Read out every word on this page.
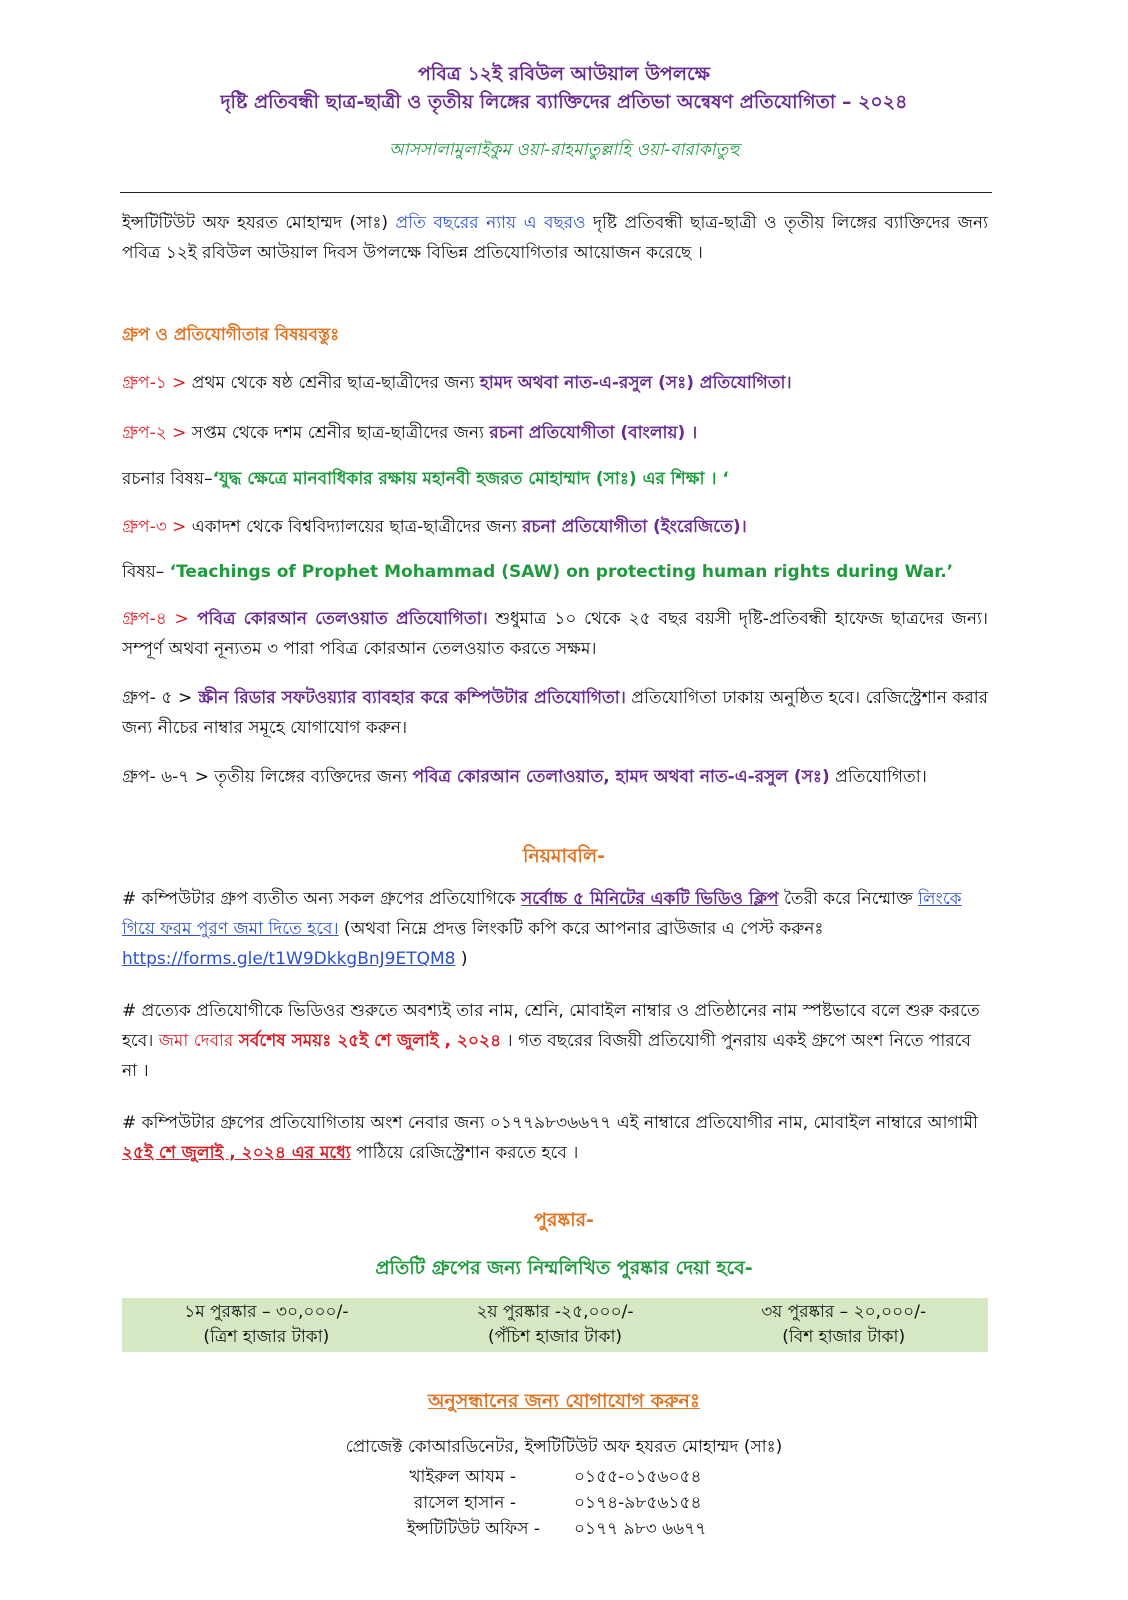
পবিত্র ১২ই রবিউল আউয়াল উপলক্ষে
দৃষ্টি প্রতিবন্ধী ছাত্র-ছাত্রী ও তৃতীয় লিঙ্গের ব্যাক্তিদের প্রতিভা অন্বেষণ প্রতিযোগিতা – ২০২৪
আসসালামুলাইকুম ওয়া-রাহমাতুল্লাহি ওয়া-বারাকাতুহু
ইন্সটিটিউট অফ হযরত মোহাম্মদ (সাঃ) প্রতি বছরের ন্যায় এ বছরও দৃষ্টি প্রতিবন্ধী ছাত্র-ছাত্রী ও তৃতীয় লিঙ্গের ব্যাক্তিদের জন্য পবিত্র ১২ই রবিউল আউয়াল দিবস উপলক্ষে বিভিন্ন প্রতিযোগিতার আয়োজন করেছে ।
গ্রুপ ও প্রতিযোগীতার বিষয়বস্তুঃ
গ্রুপ-১ > প্রথম থেকে ষষ্ঠ শ্রেনীর ছাত্র-ছাত্রীদের জন্য হামদ অথবা নাত-এ-রসুল (সঃ) প্রতিযোগিতা।
গ্রুপ-২ > সপ্তম থেকে দশম শ্রেনীর ছাত্র-ছাত্রীদের জন্য রচনা প্রতিযোগীতা (বাংলায়) ।
রচনার বিষয়–‘যুদ্ধ ক্ষেত্রে মানবাধিকার রক্ষায় মহানবী হজরত মোহাম্মাদ (সাঃ) এর শিক্ষা । ‘
গ্রুপ-৩ > একাদশ থেকে বিশ্ববিদ্যালয়ের ছাত্র-ছাত্রীদের জন্য রচনা প্রতিযোগীতা (ইংরেজিতে)।
বিষয়– ‘Teachings of Prophet Mohammad (SAW) on protecting human rights during War.’
গ্রুপ-৪ > পবিত্র কোরআন তেলওয়াত প্রতিযোগিতা। শুধুমাত্র ১০ থেকে ২৫ বছর বয়সী দৃষ্টি-প্রতিবন্ধী হাফেজ ছাত্রদের জন্য। সম্পূর্ণ অথবা নূন্যতম ৩ পারা পবিত্র কোরআন তেলওয়াত করতে সক্ষম।
গ্রুপ- ৫ > স্ক্রীন রিডার সফটওয়্যার ব্যাবহার করে কম্পিউটার প্রতিযোগিতা। প্রতিযোগিতা ঢাকায় অনুষ্ঠিত হবে। রেজিস্ট্রেশান করার জন্য নীচের নাম্বার সমূহে যোগাযোগ করুন।
গ্রুপ- ৬-৭ > তৃতীয় লিঙ্গের ব্যক্তিদের জন্য পবিত্র কোরআন তেলাওয়াত, হামদ অথবা নাত-এ-রসুল (সঃ) প্রতিযোগিতা।
নিয়মাবলি-
# কম্পিউটার গ্রুপ ব্যতীত অন্য সকল গ্রুপের প্রতিযোগিকে সর্বোচ্চ ৫ মিনিটের একটি ভিডিও ক্লিপ তৈরী করে নিম্মোক্ত লিংকে গিয়ে ফরম পুরণ জমা দিতে হবে। (অথবা নিম্নে প্রদত্ত লিংকটি কপি করে আপনার ব্রাউজার এ পেস্ট করুনঃ https://forms.gle/t1W9DkkgBnJ9ETQM8 )
# প্রত্যেক প্রতিযোগীকে ভিডিওর শুরুতে অবশ্যই তার নাম, শ্রেনি, মোবাইল নাম্বার ও প্রতিষ্ঠানের নাম স্পষ্টভাবে বলে শুরু করতে হবে। জমা দেবার সর্বশেষ সময়ঃ ২৫ই শে জুলাই , ২০২৪ । গত বছরের বিজয়ী প্রতিযোগী পুনরায় একই গ্রুপে অংশ নিতে পারবে না ।
# কম্পিউটার গ্রুপের প্রতিযোগিতায় অংশ নেবার জন্য ০১৭৭৯৮৩৬৬৭৭ এই নাম্বারে প্রতিযোগীর নাম, মোবাইল নাম্বারে আগামী ২৫ই শে জুলাই , ২০২৪ এর মধ্যে পাঠিয়ে রেজিস্ট্রেশান করতে হবে ।
পুরষ্কার-
প্রতিটি গ্রুপের জন্য নিম্মলিখিত পুরষ্কার দেয়া হবে-
১ম পুরষ্কার – ৩০,০০০/-
(ত্রিশ হাজার টাকা)
২য় পুরষ্কার -২৫,০০০/-
(পঁচিশ হাজার টাকা)
৩য় পুরষ্কার – ২০,০০০/-
(বিশ হাজার টাকা)
অনুসন্ধানের জন্য যোগাযোগ করুনঃ
প্রোজেক্ট কোআরডিনেটর, ইন্সটিটিউট অফ হযরত মোহাম্মদ (সাঃ)
খাইরুল আযম -	০১৫৫-০১৫৬০৫৪
রাসেল হাসান -	০১৭৪-৯৮৫৬১৫৪
ইন্সটিটিউট অফিস - ০১৭৭ ৯৮৩ ৬৬৭৭
